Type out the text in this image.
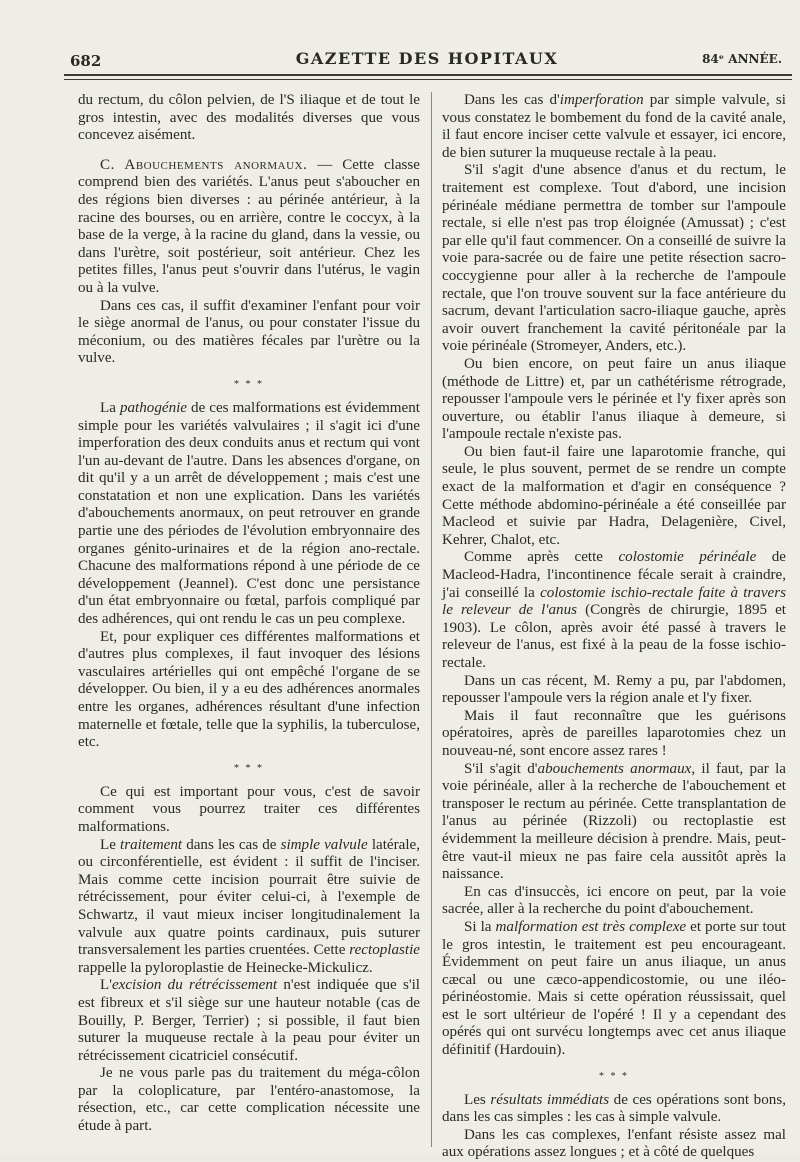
682	GAZETTE DES HOPITAUX	84ᵉ ANNÉE.

du rectum, du côlon pelvien, de l'S iliaque et de tout le gros intestin, avec des modalités diverses que vous concevez aisément.

C. Abouchements anormaux. — Cette classe comprend bien des variétés. L'anus peut s'aboucher en des régions bien diverses : au périnée antérieur, à la racine des bourses, ou en arrière, contre le coccyx, à la base de la verge, à la racine du gland, dans la vessie, ou dans l'urètre, soit postérieur, soit antérieur. Chez les petites filles, l'anus peut s'ouvrir dans l'utérus, le vagin ou à la vulve.

Dans ces cas, il suffit d'examiner l'enfant pour voir le siège anormal de l'anus, ou pour constater l'issue du méconium, ou des matières fécales par l'urètre ou la vulve.

* * *

La pathogénie de ces malformations est évidemment simple pour les variétés valvulaires ; il s'agit ici d'une imperforation des deux conduits anus et rectum qui vont l'un au-devant de l'autre. Dans les absences d'organe, on dit qu'il y a un arrêt de développement ; mais c'est une constatation et non une explication. Dans les variétés d'abouchements anormaux, on peut retrouver en grande partie une des périodes de l'évolution embryonnaire des organes génito-urinaires et de la région ano-rectale. Chacune des malformations répond à une période de ce développement (Jeannel). C'est donc une persistance d'un état embryonnaire ou fœtal, parfois compliqué par des adhérences, qui ont rendu le cas un peu complexe.

Et, pour expliquer ces différentes malformations et d'autres plus complexes, il faut invoquer des lésions vasculaires artérielles qui ont empêché l'organe de se développer. Ou bien, il y a eu des adhérences anormales entre les organes, adhérences résultant d'une infection maternelle et fœtale, telle que la syphilis, la tuberculose, etc.

* * *

Ce qui est important pour vous, c'est de savoir comment vous pourrez traiter ces différentes malformations.

Le traitement dans les cas de simple valvule latérale, ou circonférentielle, est évident : il suffit de l'inciser. Mais comme cette incision pourrait être suivie de rétrécissement, pour éviter celui-ci, à l'exemple de Schwartz, il vaut mieux inciser longitudinalement la valvule aux quatre points cardinaux, puis suturer transversalement les parties cruentées. Cette rectoplastie rappelle la pyloroplastie de Heinecke-Mickulicz.

L'excision du rétrécissement n'est indiquée que s'il est fibreux et s'il siège sur une hauteur notable (cas de Bouilly, P. Berger, Terrier) ; si possible, il faut bien suturer la muqueuse rectale à la peau pour éviter un rétrécissement cicatriciel consécutif.

Je ne vous parle pas du traitement du méga-côlon par la coloplicature, par l'entéro-anastomose, la résection, etc., car cette complication nécessite une étude à part.

Dans les cas d'imperforation par simple valvule, si vous constatez le bombement du fond de la cavité anale, il faut encore inciser cette valvule et essayer, ici encore, de bien suturer la muqueuse rectale à la peau.

S'il s'agit d'une absence d'anus et du rectum, le traitement est complexe. Tout d'abord, une incision périnéale médiane permettra de tomber sur l'ampoule rectale, si elle n'est pas trop éloignée (Amussat) ; c'est par elle qu'il faut commencer. On a conseillé de suivre la voie para-sacrée ou de faire une petite résection sacro-coccygienne pour aller à la recherche de l'ampoule rectale, que l'on trouve souvent sur la face antérieure du sacrum, devant l'articulation sacro-iliaque gauche, après avoir ouvert franchement la cavité péritonéale par la voie périnéale (Stromeyer, Anders, etc.).

Ou bien encore, on peut faire un anus iliaque (méthode de Littre) et, par un cathétérisme rétrograde, repousser l'ampoule vers le périnée et l'y fixer après son ouverture, ou établir l'anus iliaque à demeure, si l'ampoule rectale n'existe pas.

Ou bien faut-il faire une laparotomie franche, qui seule, le plus souvent, permet de se rendre un compte exact de la malformation et d'agir en conséquence ? Cette méthode abdomino-périnéale a été conseillée par Macleod et suivie par Hadra, Delagenière, Civel, Kehrer, Chalot, etc.

Comme après cette colostomie périnéale de Macleod-Hadra, l'incontinence fécale serait à craindre, j'ai conseillé la colostomie ischio-rectale faite à travers le releveur de l'anus (Congrès de chirurgie, 1895 et 1903). Le côlon, après avoir été passé à travers le releveur de l'anus, est fixé à la peau de la fosse ischio-rectale.

Dans un cas récent, M. Remy a pu, par l'abdomen, repousser l'ampoule vers la région anale et l'y fixer.

Mais il faut reconnaître que les guérisons opératoires, après de pareilles laparotomies chez un nouveau-né, sont encore assez rares !

S'il s'agit d'abouchements anormaux, il faut, par la voie périnéale, aller à la recherche de l'abouchement et transposer le rectum au périnée. Cette transplantation de l'anus au périnée (Rizzoli) ou rectoplastie est évidemment la meilleure décision à prendre. Mais, peut-être vaut-il mieux ne pas faire cela aussitôt après la naissance.

En cas d'insuccès, ici encore on peut, par la voie sacrée, aller à la recherche du point d'abouchement.

Si la malformation est très complexe et porte sur tout le gros intestin, le traitement est peu encourageant. Évidemment on peut faire un anus iliaque, un anus cæcal ou une cæco-appendicostomie, ou une iléo-périnéostomie. Mais si cette opération réussissait, quel est le sort ultérieur de l'opéré ! Il y a cependant des opérés qui ont survécu longtemps avec cet anus iliaque définitif (Hardouin).

* * *

Les résultats immédiats de ces opérations sont bons, dans les cas simples : les cas à simple valvule.

Dans les cas complexes, l'enfant résiste assez mal aux opérations assez longues ; et à côté de quelques
